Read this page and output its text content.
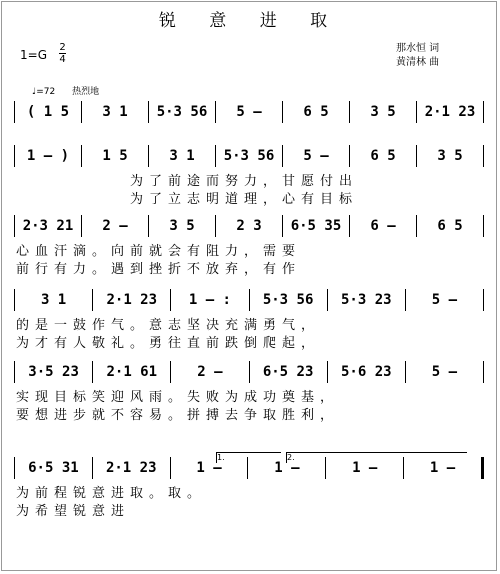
锐 意 进 取
1=G
2
4
那水恒 词
黄清林 曲
♩=72 热烈地
( 1 5	3 1	5·3 56	5 –	6 5	3 5	2·1 23
1 – )	1 5	3 1	5·3 56	5 –	6 5	3 5
为了前途而努力，甘愿付出
为了立志明道理，心有目标
2·3 21	2 –	3 5	2 3	6·5 35	6 –	6 5
心血汗滴。向前就会有阻力，需要
前行有力。遇到挫折不放弃，有作
3 1	2·1 23	1 – :	5·3 56	5·3 23	5 –
的是一鼓作气。意志坚决充满勇气，
为才有人敬礼。勇往直前跌倒爬起，
3·5 23	2·1 61	2 –	6·5 23	5·6 23	5 –
实现目标笑迎风雨。失败为成功奠基，
要想进步就不容易。拼搏去争取胜利，
6·5 31	2·1 23	1 –	1 –	1 –	1 –
为前程锐意进取。取。
为希望锐意进
1.	2.
